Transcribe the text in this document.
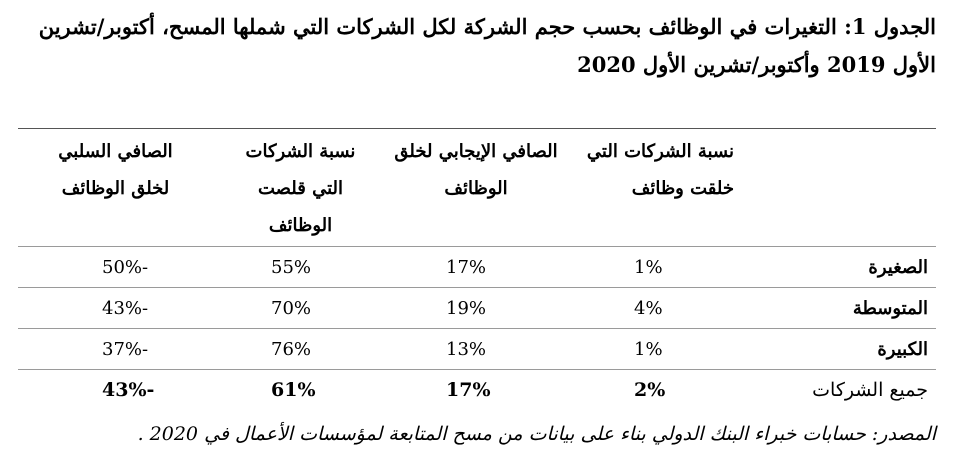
الجدول 1: التغيرات في الوظائف بحسب حجم الشركة لكل الشركات التي شملها المسح، أكتوبر/تشرين الأول 2019 وأكتوبر/تشرين الأول 2020
نسبة الشركات التي خلقت وظائف
الصافي الإيجابي لخلق الوظائف
نسبة الشركات التي قلصت الوظائف
الصافي السلبي لخلق الوظائف
الصغيرة
1%
17%
55%
50%-
المتوسطة
4%
19%
70%
43%-
الكبيرة
1%
13%
76%
37%-
جميع الشركات
2%
17%
61%
43%-
المصدر: حسابات خبراء البنك الدولي بناء على بيانات من مسح المتابعة لمؤسسات الأعمال في 2020 .
